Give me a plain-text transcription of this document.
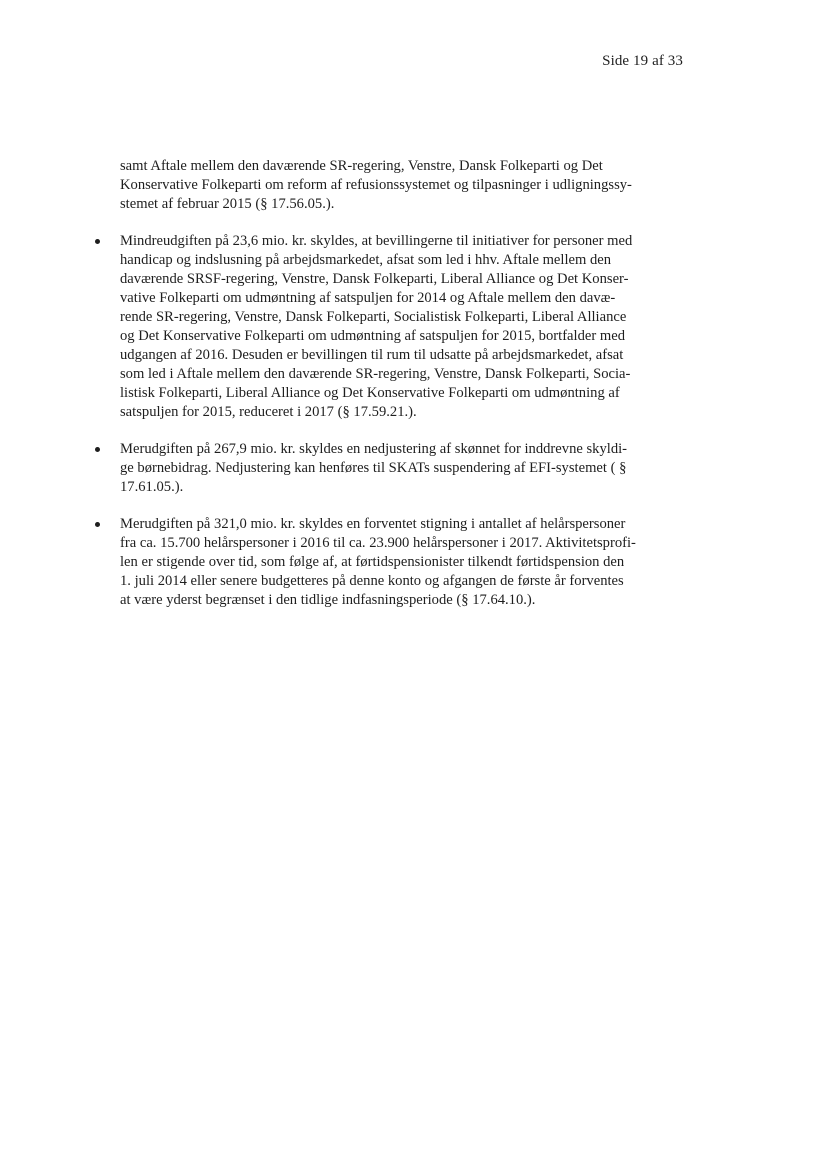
Side 19 af 33

samt Aftale mellem den daværende SR-regering, Venstre, Dansk Folkeparti og Det
Konservative Folkeparti om reform af refusionssystemet og tilpasninger i udligningssy-
stemet af februar 2015 (§ 17.56.05.).

Mindreudgiften på 23,6 mio. kr. skyldes, at bevillingerne til initiativer for personer med
handicap og indslusning på arbejdsmarkedet, afsat som led i hhv. Aftale mellem den
daværende SRSF-regering, Venstre, Dansk Folkeparti, Liberal Alliance og Det Konser-
vative Folkeparti om udmøntning af satspuljen for 2014 og Aftale mellem den davæ-
rende SR-regering, Venstre, Dansk Folkeparti, Socialistisk Folkeparti, Liberal Alliance
og Det Konservative Folkeparti om udmøntning af satspuljen for 2015, bortfalder med
udgangen af 2016. Desuden er bevillingen til rum til udsatte på arbejdsmarkedet, afsat
som led i Aftale mellem den daværende SR-regering, Venstre, Dansk Folkeparti, Socia-
listisk Folkeparti, Liberal Alliance og Det Konservative Folkeparti om udmøntning af
satspuljen for 2015, reduceret i 2017 (§ 17.59.21.).

Merudgiften på 267,9 mio. kr. skyldes en nedjustering af skønnet for inddrevne skyldi-
ge børnebidrag. Nedjustering kan henføres til SKATs suspendering af EFI-systemet ( §
17.61.05.).

Merudgiften på 321,0 mio. kr. skyldes en forventet stigning i antallet af helårspersoner
fra ca. 15.700 helårspersoner i 2016 til ca. 23.900 helårspersoner i 2017. Aktivitetsprofi-
len er stigende over tid, som følge af, at førtidspensionister tilkendt førtidspension den
1. juli 2014 eller senere budgetteres på denne konto og afgangen de første år forventes
at være yderst begrænset i den tidlige indfasningsperiode (§ 17.64.10.).
